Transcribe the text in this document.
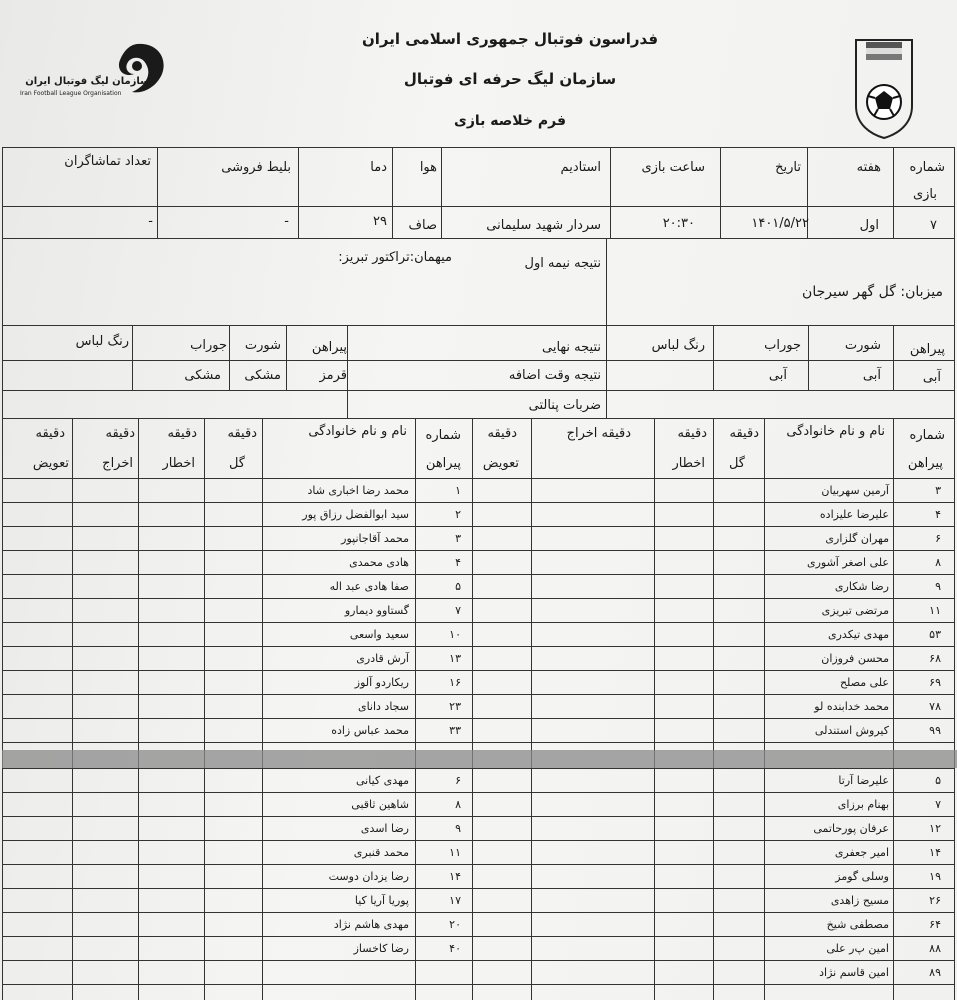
سازمان لیگ فوتبال ایران
Iran Football League Organisation
فدراسون فوتبال جمهوری اسلامی ایران
سازمان لیگ حرفه ای فوتبال
فرم خلاصه بازی
شماره
بازی
هفته
تاریخ
ساعت بازی
استادیم
هوا
دما
بلیط فروشی
تعداد تماشاگران
۷
اول
۱۴۰۱/۵/۲۲
۲۰:۳۰
سردار شهید سلیمانی
صاف
۲۹
-
-
میزبان: گل گهر سیرجان
نتیجه نیمه اول
میهمان:تراکتور تبریز:
نتیجه نهایی
نتیجه وقت اضافه
ضربات پنالتی
پیراهن
شورت
جوراب
رنگ لباس
آبی
آبی
آبی
پیراهن
شورت
جوراب
رنگ لباس
قرمز
مشکی
مشکی
شماره
پیراهن
نام و نام خانوادگی
دقیقه
گل
دقیقه
اخطار
دقیقه اخراج
دقیقه
تعویض
شماره
پیراهن
نام و نام خانوادگی
دقیقه
گل
دقیقه
اخطار
دقیقه
اخراج
دقیقه
تعویض
۳
آرمین سهربیان
۴
علیرضا علیزاده
۶
مهران گلزاری
۸
علی اصغر آشوری
۹
رضا شکاری
۱۱
مرتضی تبریزی
۵۳
مهدی تیکدری
۶۸
محسن فروزان
۶۹
علی مصلح
۷۸
محمد خدابنده لو
۹۹
کیروش استندلی
۵
علیرضا آرتا
۷
بهنام برزای
۱۲
عرفان پورحاتمی
۱۴
امیر جعفری
۱۹
وسلی گومز
۲۶
مسیح زاهدی
۶۴
مصطفی شیخ
۸۸
امین پ‌ر علی
۸۹
امین قاسم نژاد
۱
محمد رضا اخباری شاد
۲
سید ابوالفضل رزاق پور
۳
محمد آقاجانپور
۴
هادی محمدی
۵
صفا هادی عبد اله
۷
گستاوو دیمارو
۱۰
سعید واسعی
۱۳
آرش قادری
۱۶
ریکاردو آلوز
۲۳
سجاد دانای
۳۳
محمد عباس زاده
۶
مهدی کیانی
۸
شاهین ثاقبی
۹
رضا اسدی
۱۱
محمد قنبری
۱۴
رضا یزدان دوست
۱۷
پوریا آریا کیا
۲۰
مهدی هاشم نژاد
۴۰
رضا کاخساز
